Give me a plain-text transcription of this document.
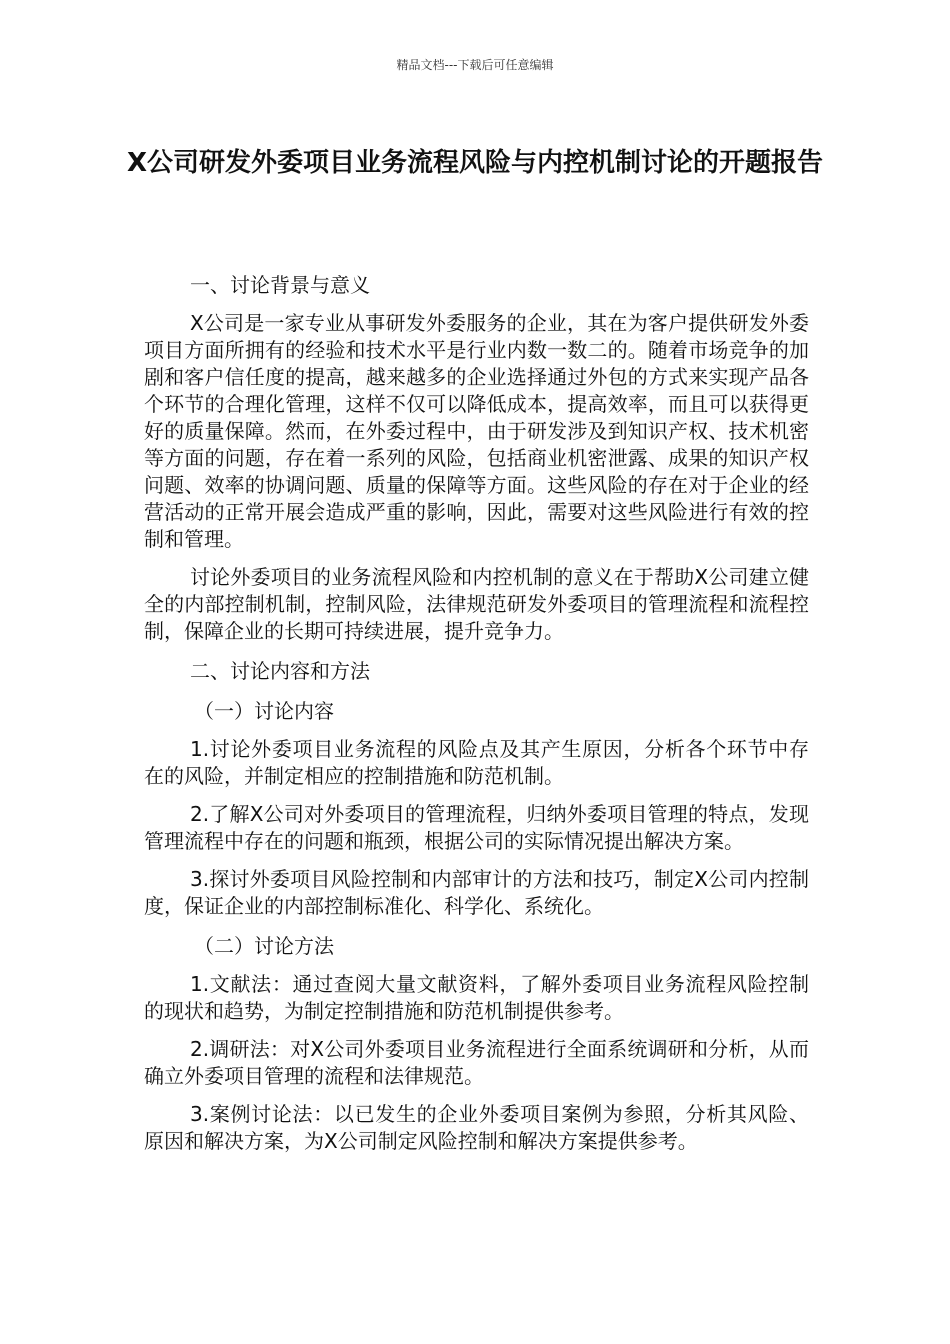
精品文档---下载后可任意编辑
X公司研发外委项目业务流程风险与内控机制讨论的开题报告

一、讨论背景与意义

X公司是一家专业从事研发外委服务的企业，其在为客户提供研发外委项目方面所拥有的经验和技术水平是行业内数一数二的。随着市场竞争的加剧和客户信任度的提高，越来越多的企业选择通过外包的方式来实现产品各个环节的合理化管理，这样不仅可以降低成本，提高效率，而且可以获得更好的质量保障。然而，在外委过程中，由于研发涉及到知识产权、技术机密等方面的问题，存在着一系列的风险，包括商业机密泄露、成果的知识产权问题、效率的协调问题、质量的保障等方面。这些风险的存在对于企业的经营活动的正常开展会造成严重的影响，因此，需要对这些风险进行有效的控制和管理。

讨论外委项目的业务流程风险和内控机制的意义在于帮助X公司建立健全的内部控制机制，控制风险，法律规范研发外委项目的管理流程和流程控制，保障企业的长期可持续进展，提升竞争力。

二、讨论内容和方法

（一）讨论内容

1.讨论外委项目业务流程的风险点及其产生原因，分析各个环节中存在的风险，并制定相应的控制措施和防范机制。

2.了解X公司对外委项目的管理流程，归纳外委项目管理的特点，发现管理流程中存在的问题和瓶颈，根据公司的实际情况提出解决方案。

3.探讨外委项目风险控制和内部审计的方法和技巧，制定X公司内控制度，保证企业的内部控制标准化、科学化、系统化。

（二）讨论方法

1.文献法：通过查阅大量文献资料，了解外委项目业务流程风险控制的现状和趋势，为制定控制措施和防范机制提供参考。

2.调研法：对X公司外委项目业务流程进行全面系统调研和分析，从而确立外委项目管理的流程和法律规范。

3.案例讨论法：以已发生的企业外委项目案例为参照，分析其风险、原因和解决方案，为X公司制定风险控制和解决方案提供参考。
